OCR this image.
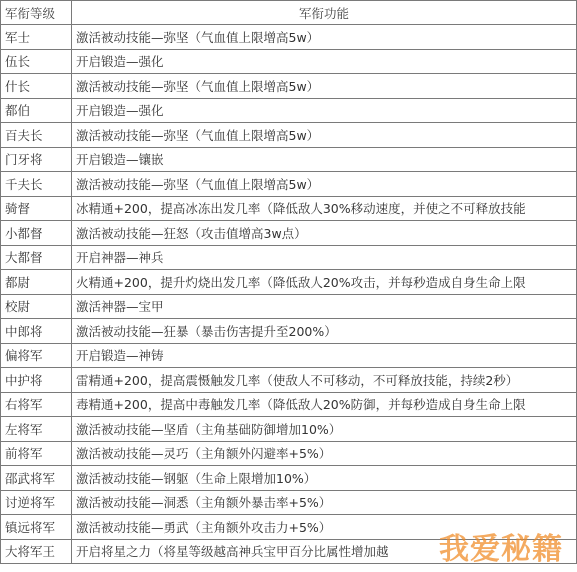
军衔等级	军衔功能
军士	激活被动技能—弥坚（气血值上限增高5w）
伍长	开启锻造—强化
什长	激活被动技能—弥坚（气血值上限增高5w）
都伯	开启锻造—强化
百夫长	激活被动技能—弥坚（气血值上限增高5w）
门牙将	开启锻造—镶嵌
千夫长	激活被动技能—弥坚（气血值上限增高5w）
骑督	冰精通+200，提高冰冻出发几率（降低敌人30%移动速度，并使之不可释放技能
小都督	激活被动技能—狂怒（攻击值增高3w点）
大都督	开启神器—神兵
都尉	火精通+200，提升灼烧出发几率（降低敌人20%攻击，并每秒造成自身生命上限
校尉	激活神器—宝甲
中郎将	激活被动技能—狂暴（暴击伤害提升至200%）
偏将军	开启锻造—神铸
中护将	雷精通+200，提高震慑触发几率（使敌人不可移动，不可释放技能，持续2秒）
右将军	毒精通+200，提高中毒触发几率（降低敌人20%防御，并每秒造成自身生命上限
左将军	激活被动技能—坚盾（主角基础防御增加10%）
前将军	激活被动技能—灵巧（主角额外闪避率+5%）
邵武将军	激活被动技能—钢躯（生命上限增加10%）
讨逆将军	激活被动技能—洞悉（主角额外暴击率+5%）
镇远将军	激活被动技能—勇武（主角额外攻击力+5%）
大将军王	开启将星之力（将星等级越高神兵宝甲百分比属性增加越 我爱秘籍
